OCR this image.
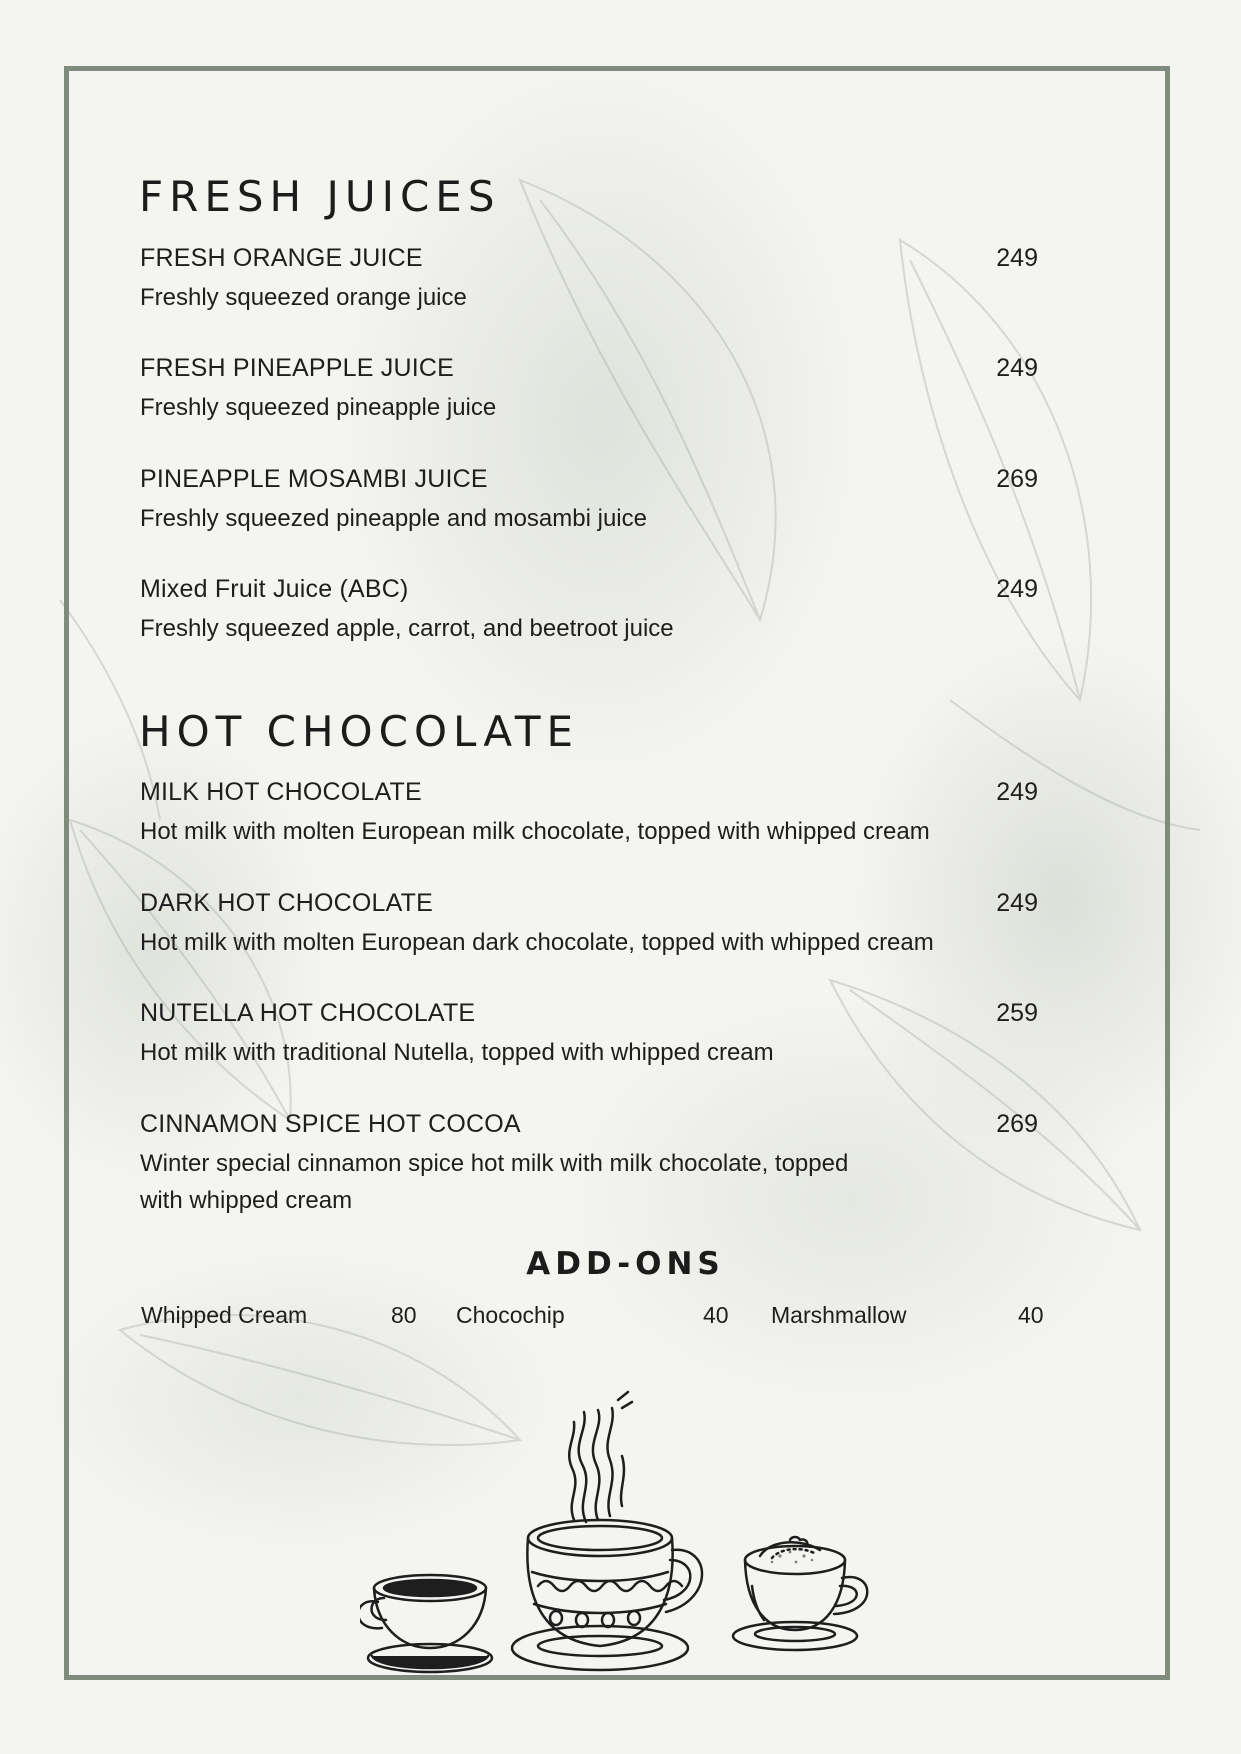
FRESH JUICES
FRESH ORANGE JUICE	249
Freshly squeezed orange juice
FRESH PINEAPPLE JUICE	249
Freshly squeezed pineapple juice
PINEAPPLE MOSAMBI JUICE	269
Freshly squeezed pineapple and mosambi juice
Mixed Fruit Juice (ABC)	249
Freshly squeezed apple, carrot, and beetroot juice
HOT CHOCOLATE
MILK HOT CHOCOLATE	249
Hot milk with molten European milk chocolate, topped with whipped cream
DARK HOT CHOCOLATE	249
Hot milk with molten European dark chocolate, topped with whipped cream
NUTELLA HOT CHOCOLATE	259
Hot milk with traditional Nutella, topped with whipped cream
CINNAMON SPICE HOT COCOA	269
Winter special cinnamon spice hot milk with milk chocolate, topped with whipped cream
ADD-ONS
Whipped Cream	80 Chocochip	40 Marshmallow	40
